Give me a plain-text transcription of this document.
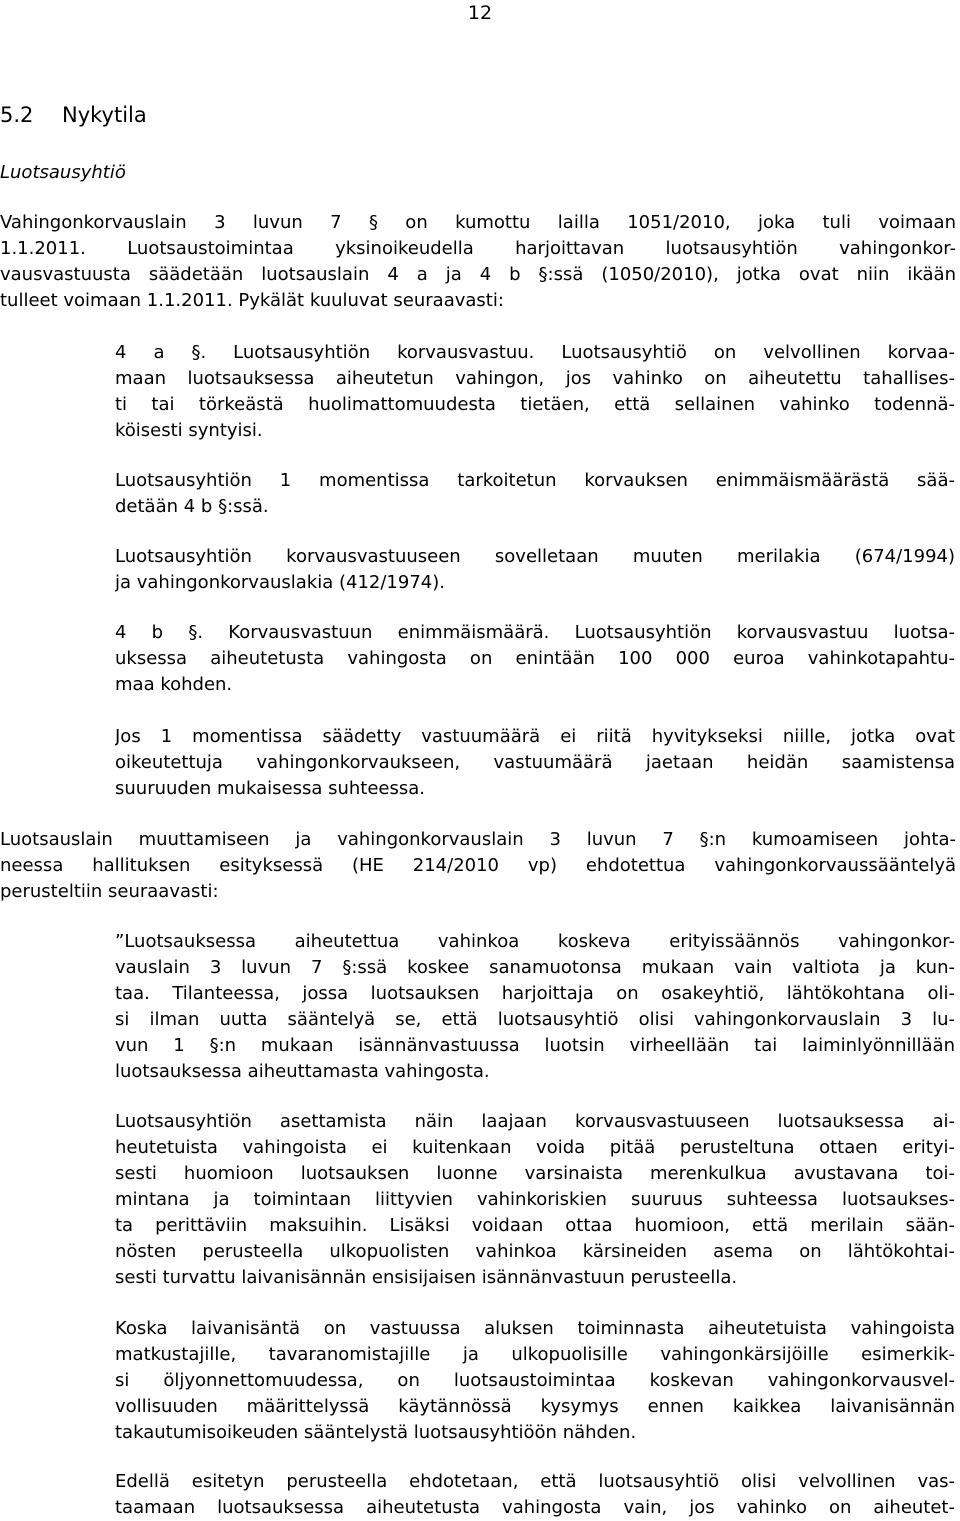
12
5.2 Nykytila
Luotsausyhtiö
Vahingonkorvauslain 3 luvun 7 § on kumottu lailla 1051/2010, joka tuli voimaan
1.1.2011. Luotsaustoimintaa yksinoikeudella harjoittavan luotsausyhtiön vahingonkor-
vausvastuusta säädetään luotsauslain 4 a ja 4 b §:ssä (1050/2010), jotka ovat niin ikään
tulleet voimaan 1.1.2011. Pykälät kuuluvat seuraavasti:
4 a §. Luotsausyhtiön korvausvastuu. Luotsausyhtiö on velvollinen korvaa-
maan luotsauksessa aiheutetun vahingon, jos vahinko on aiheutettu tahallises-
ti tai törkeästä huolimattomuudesta tietäen, että sellainen vahinko todennä-
köisesti syntyisi.
Luotsausyhtiön 1 momentissa tarkoitetun korvauksen enimmäismäärästä sää-
detään 4 b §:ssä.
Luotsausyhtiön korvausvastuuseen sovelletaan muuten merilakia (674/1994)
ja vahingonkorvauslakia (412/1974).
4 b §. Korvausvastuun enimmäismäärä. Luotsausyhtiön korvausvastuu luotsa-
uksessa aiheutetusta vahingosta on enintään 100 000 euroa vahinkotapahtu-
maa kohden.
Jos 1 momentissa säädetty vastuumäärä ei riitä hyvitykseksi niille, jotka ovat
oikeutettuja vahingonkorvaukseen, vastuumäärä jaetaan heidän saamistensa
suuruuden mukaisessa suhteessa.
Luotsauslain muuttamiseen ja vahingonkorvauslain 3 luvun 7 §:n kumoamiseen johta-
neessa hallituksen esityksessä (HE 214/2010 vp) ehdotettua vahingonkorvaussääntelyä
perusteltiin seuraavasti:
”Luotsauksessa aiheutettua vahinkoa koskeva erityissäännös vahingonkor-
vauslain 3 luvun 7 §:ssä koskee sanamuotonsa mukaan vain valtiota ja kun-
taa. Tilanteessa, jossa luotsauksen harjoittaja on osakeyhtiö, lähtökohtana oli-
si ilman uutta sääntelyä se, että luotsausyhtiö olisi vahingonkorvauslain 3 lu-
vun 1 §:n mukaan isännänvastuussa luotsin virheellään tai laiminlyönnillään
luotsauksessa aiheuttamasta vahingosta.
Luotsausyhtiön asettamista näin laajaan korvausvastuuseen luotsauksessa ai-
heutetuista vahingoista ei kuitenkaan voida pitää perusteltuna ottaen erityi-
sesti huomioon luotsauksen luonne varsinaista merenkulkua avustavana toi-
mintana ja toimintaan liittyvien vahinkoriskien suuruus suhteessa luotsaukses-
ta perittäviin maksuihin. Lisäksi voidaan ottaa huomioon, että merilain sään-
nösten perusteella ulkopuolisten vahinkoa kärsineiden asema on lähtökohtai-
sesti turvattu laivanisännän ensisijaisen isännänvastuun perusteella.
Koska laivanisäntä on vastuussa aluksen toiminnasta aiheutetuista vahingoista
matkustajille, tavaranomistajille ja ulkopuolisille vahingonkärsijöille esimerkik-
si öljyonnettomuudessa, on luotsaustoimintaa koskevan vahingonkorvausvel-
vollisuuden määrittelyssä käytännössä kysymys ennen kaikkea laivanisännän
takautumisoikeuden sääntelystä luotsausyhtiöön nähden.
Edellä esitetyn perusteella ehdotetaan, että luotsausyhtiö olisi velvollinen vas-
taamaan luotsauksessa aiheutetusta vahingosta vain, jos vahinko on aiheutet-
